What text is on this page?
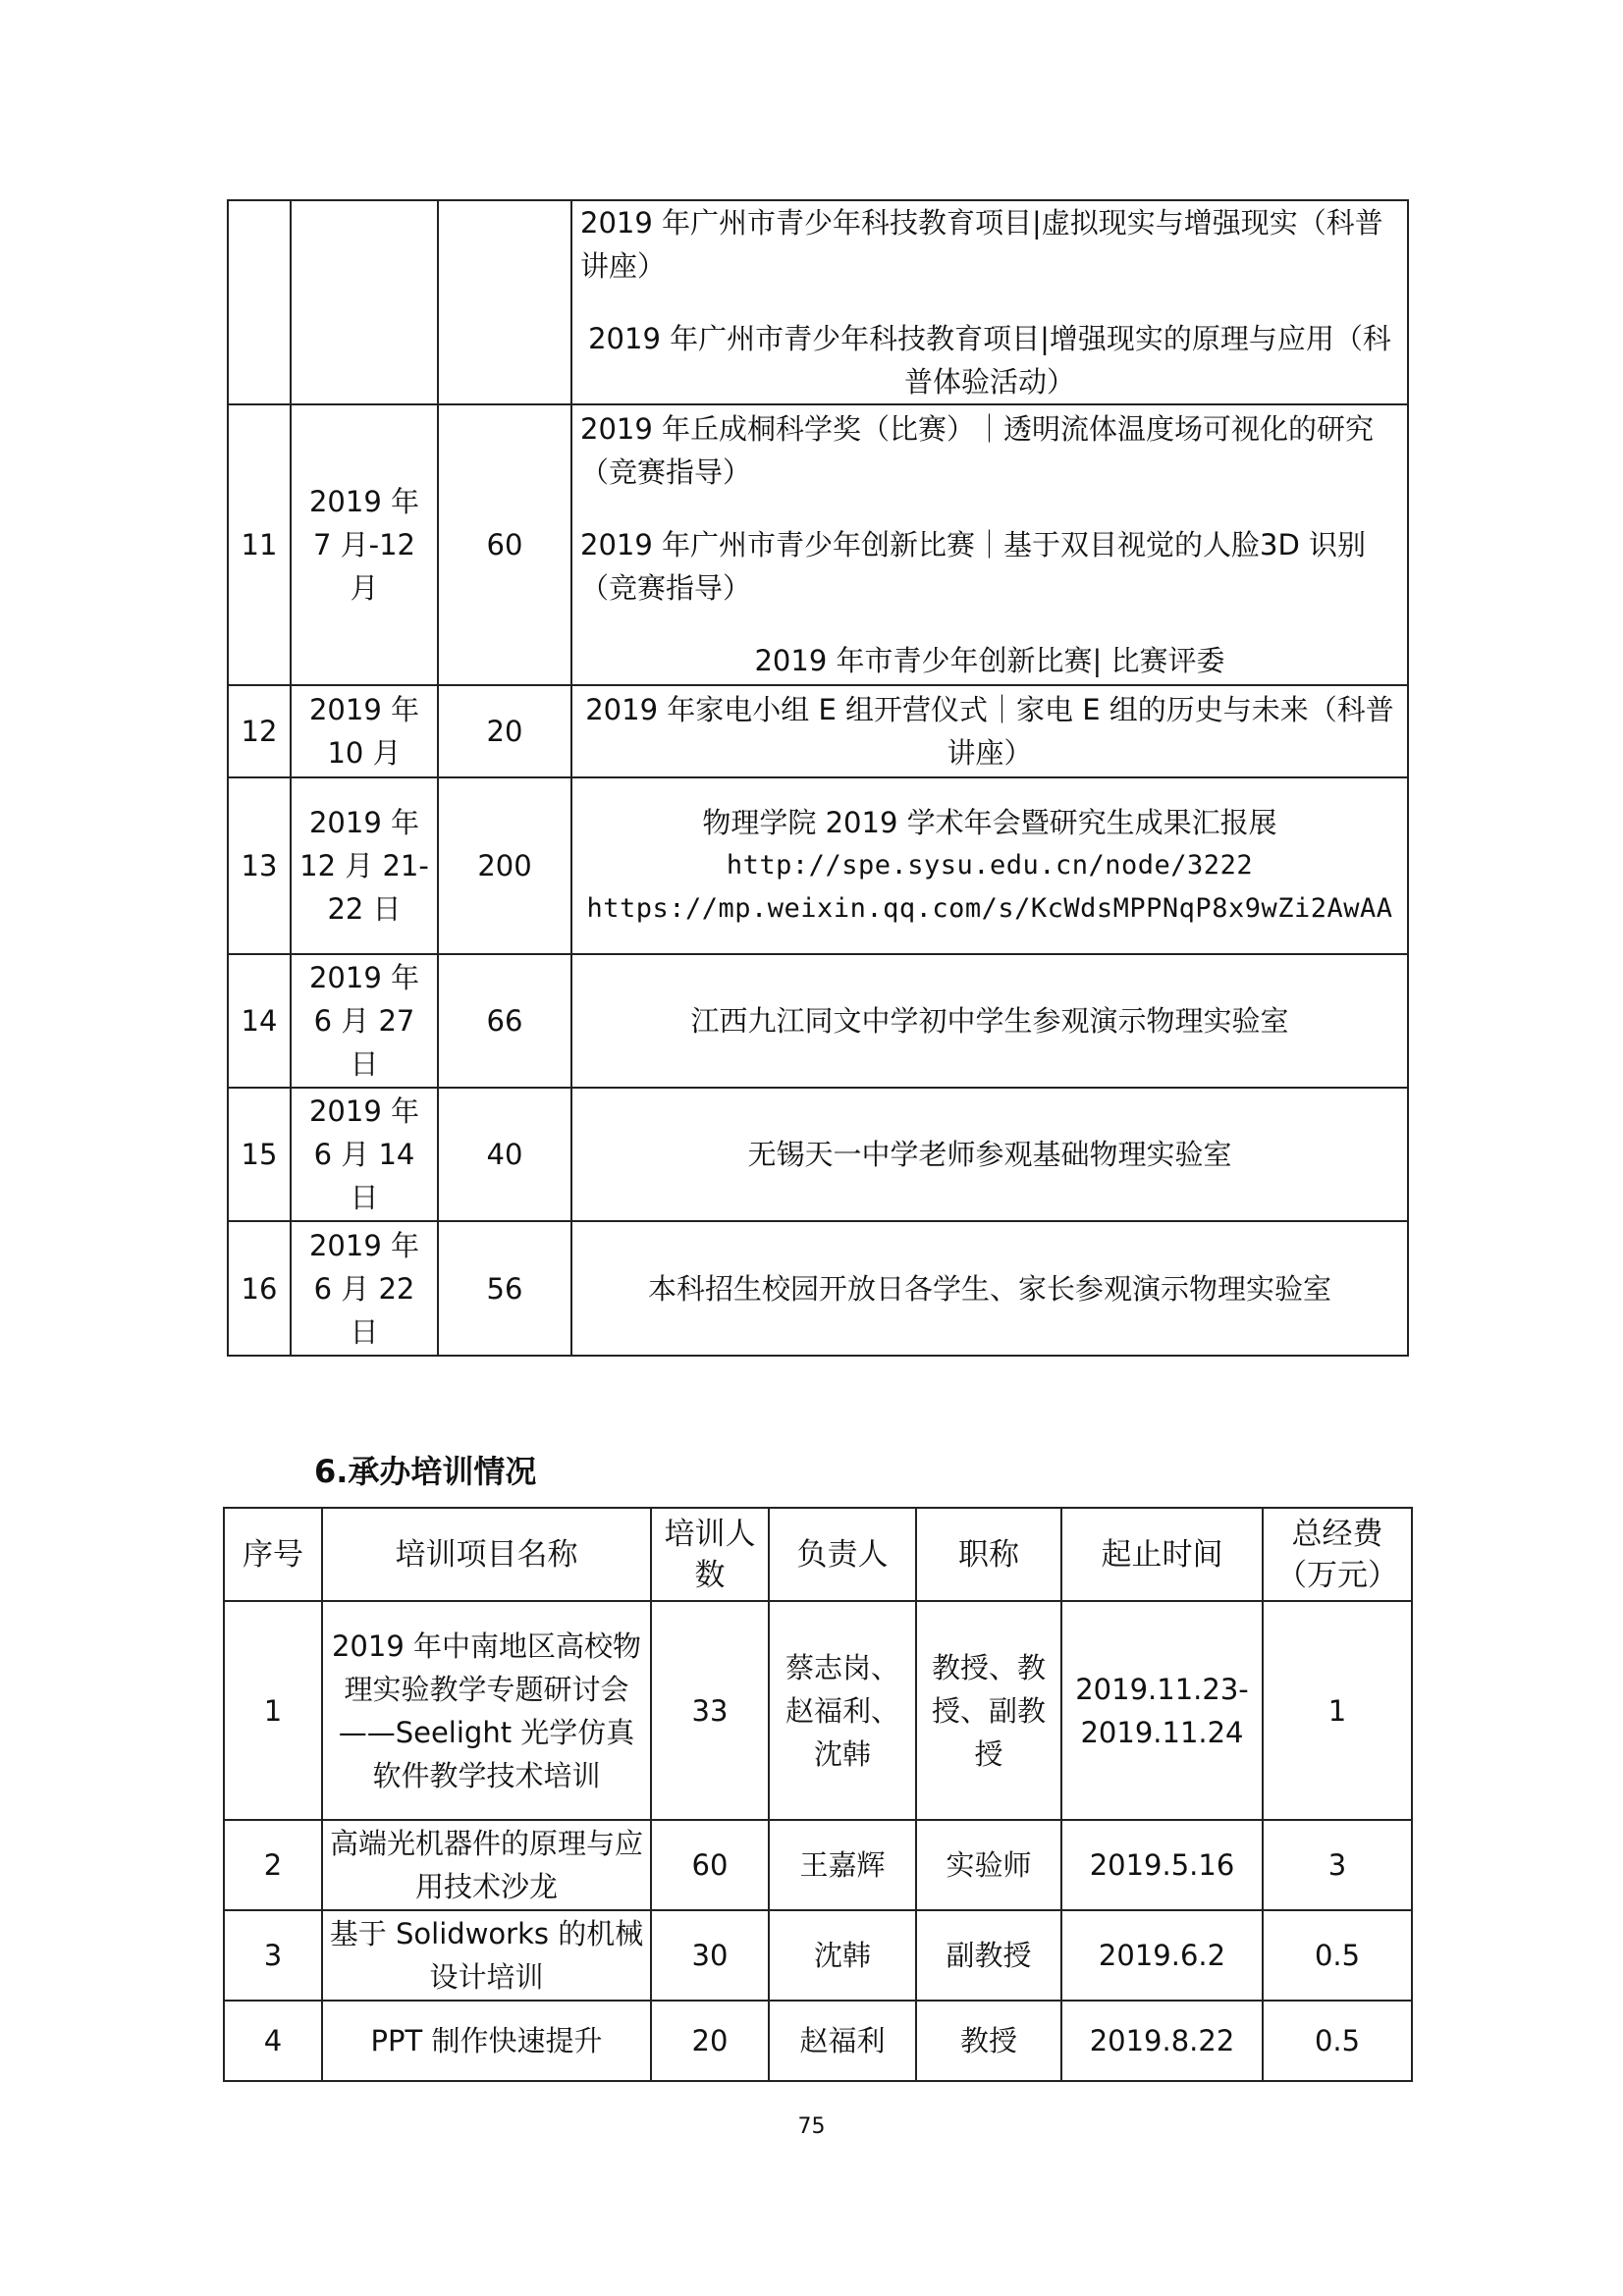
			2019 年广州市青少年科技教育项目|虚拟现实与增强现实（科普讲座）

2019 年广州市青少年科技教育项目|增强现实的原理与应用（科普体验活动）

11	2019 年 7 月-12 月	60	2019 年丘成桐科学奖（比赛）｜透明流体温度场可视化的研究（竞赛指导）

2019 年广州市青少年创新比赛｜基于双目视觉的人脸3D 识别（竞赛指导）

2019 年市青少年创新比赛| 比赛评委

12	2019 年 10 月	20	2019 年家电小组 E 组开营仪式｜家电 E 组的历史与未来（科普讲座）

13	2019 年 12 月 21-22 日	200	物理学院 2019 学术年会暨研究生成果汇报展
http://spe.sysu.edu.cn/node/3222
https://mp.weixin.qq.com/s/KcWdsMPPNqP8x9wZi2AwAA

14	2019 年 6 月 27 日	66	江西九江同文中学初中学生参观演示物理实验室

15	2019 年 6 月 14 日	40	无锡天一中学老师参观基础物理实验室

16	2019 年 6 月 22 日	56	本科招生校园开放日各学生、家长参观演示物理实验室

6.承办培训情况
序号	培训项目名称	培训人数	负责人	职称	起止时间	总经费（万元）
1	2019 年中南地区高校物理实验教学专题研讨会——Seelight 光学仿真软件教学技术培训	33	蔡志岗、赵福利、沈韩	教授、教授、副教授	2019.11.23-2019.11.24	1
2	高端光机器件的原理与应用技术沙龙	60	王嘉辉	实验师	2019.5.16	3
3	基于 Solidworks 的机械设计培训	30	沈韩	副教授	2019.6.2	0.5
4	PPT 制作快速提升	20	赵福利	教授	2019.8.22	0.5
75
